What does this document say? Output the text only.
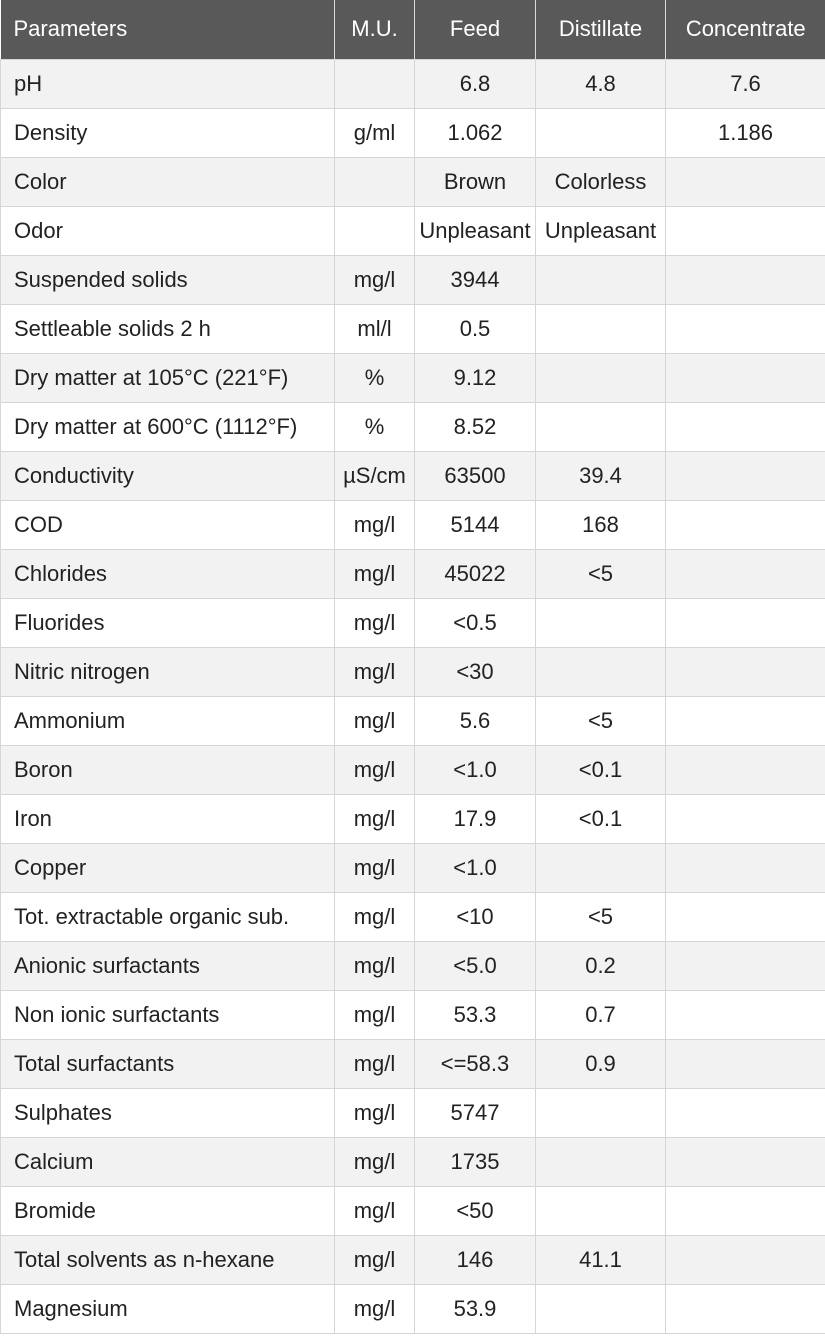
Parameters	M.U.	Feed	Distillate	Concentrate
pH		6.8	4.8	7.6
Density	g/ml	1.062		1.186
Color		Brown	Colorless	
Odor		Unpleasant	Unpleasant	
Suspended solids	mg/l	3944		
Settleable solids 2 h	ml/l	0.5		
Dry matter at 105°C (221°F)	%	9.12		
Dry matter at 600°C (1112°F)	%	8.52		
Conductivity	µS/cm	63500	39.4	
COD	mg/l	5144	168	
Chlorides	mg/l	45022	<5	
Fluorides	mg/l	<0.5		
Nitric nitrogen	mg/l	<30		
Ammonium	mg/l	5.6	<5	
Boron	mg/l	<1.0	<0.1	
Iron	mg/l	17.9	<0.1	
Copper	mg/l	<1.0		
Tot. extractable organic sub.	mg/l	<10	<5	
Anionic surfactants	mg/l	<5.0	0.2	
Non ionic surfactants	mg/l	53.3	0.7	
Total surfactants	mg/l	<=58.3	0.9	
Sulphates	mg/l	5747		
Calcium	mg/l	1735		
Bromide	mg/l	<50		
Total solvents as n-hexane	mg/l	146	41.1	
Magnesium	mg/l	53.9		
